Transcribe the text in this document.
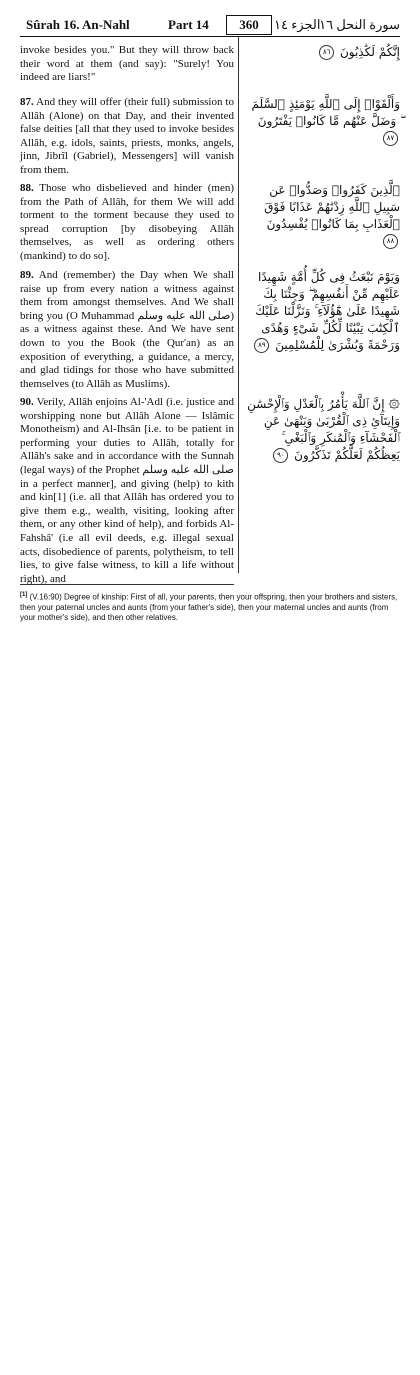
Sûrah 16. An-Nahl	Part 14	360	الجزء ١٤
سورة النحل ١٦

invoke besides you." But they will throw back their word at them (and say): "Surely! You indeed are liars!"

إِنَّكُمْ لَكَٰذِبُونَ ٨٦

87. And they will offer (their full) submission to Allâh (Alone) on that Day, and their invented false deities [all that they used to invoke besides Allâh, e.g. idols, saints, priests, monks, angels, jinn, Jibrîl (Gabriel), Messengers] will vanish from them.

وَأَلْقَوْا۟ إِلَى ٱللَّهِ يَوْمَئِذٍ ٱلسَّلَمَ ۖ وَضَلَّ عَنْهُم مَّا كَانُوا۟ يَفْتَرُونَ ٨٧

88. Those who disbelieved and hinder (men) from the Path of Allâh, for them We will add torment to the torment because they used to spread corruption [by disobeying Allâh themselves, as well as ordering others (mankind) to do so].

ٱلَّذِينَ كَفَرُوا۟ وَصَدُّوا۟ عَن سَبِيلِ ٱللَّهِ زِدْنَٰهُمْ عَذَابًا فَوْقَ ٱلْعَذَابِ بِمَا كَانُوا۟ يُفْسِدُونَ ٨٨

89. And (remember) the Day when We shall raise up from every nation a witness against them from amongst themselves. And We shall bring you (O Muhammad صلى الله عليه وسلم) as a witness against these. And We have sent down to you the Book (the Qur'an) as an exposition of everything, a guidance, a mercy, and glad tidings for those who have submitted themselves (to Allâh as Muslims).

وَيَوْمَ نَبْعَثُ فِى كُلِّ أُمَّةٍ شَهِيدًا عَلَيْهِم مِّنْ أَنفُسِهِمْ ۖ وَجِئْنَا بِكَ شَهِيدًا عَلَىٰ هَٰٓؤُلَآءِ ۚ وَنَزَّلْنَا عَلَيْكَ ٱلْكِتَٰبَ تِبْيَٰنًا لِّكُلِّ شَىْءٍ وَهُدًى وَرَحْمَةً وَبُشْرَىٰ لِلْمُسْلِمِينَ ٨٩

90. Verily, Allâh enjoins Al-'Adl (i.e. justice and worshipping none but Allâh Alone — Islâmic Monotheism) and Al-Ihsân [i.e. to be patient in performing your duties to Allâh, totally for Allâh's sake and in accordance with the Sunnah (legal ways) of the Prophet صلى الله عليه وسلم in a perfect manner], and giving (help) to kith and kin[1] (i.e. all that Allâh has ordered you to give them e.g., wealth, visiting, looking after them, or any other kind of help), and forbids Al-Fahshâ' (i.e all evil deeds, e.g. illegal sexual acts, disobedience of parents, polytheism, to tell lies, to give false witness, to kill a life without right), and

۞ إِنَّ ٱللَّهَ يَأْمُرُ بِٱلْعَدْلِ وَٱلْإِحْسَٰنِ وَإِيتَآئِ ذِى ٱلْقُرْبَىٰ وَيَنْهَىٰ عَنِ ٱلْفَحْشَآءِ وَٱلْمُنكَرِ وَٱلْبَغْىِ ۚ يَعِظُكُمْ لَعَلَّكُمْ تَذَكَّرُونَ ٩٠
[1] (V.16:90) Degree of kinship: First of all, your parents, then your offspring, then your brothers and sisters, then your paternal uncles and aunts (from your father's side), then your maternal uncles and aunts (from your mother's side), and then other relatives.
